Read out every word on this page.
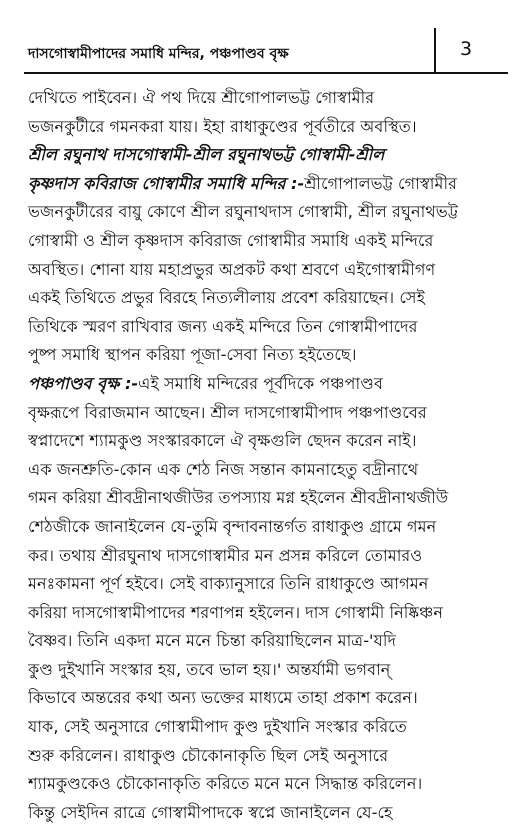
দাসগোস্বামীপাদের সমাধি মন্দির, পঞ্চপাণ্ডব বৃক্ষ	3
দেখিতে পাইবেন। ঐ পথ দিয়ে শ্রীগোপালভট্ট গোস্বামীর
ভজনকুটীরে গমনকরা যায়। ইহা রাধাকুণ্ডের পূর্বতীরে অবস্থিত।
শ্রীল রঘুনাথ দাসগোস্বামী-শ্রীল রঘুনাথভট্ট গোস্বামী-শ্রীল
কৃষ্ণদাস কবিরাজ গোস্বামীর সমাধি মন্দির :-শ্রীগোপালভট্ট গোস্বামীর
ভজনকুটীরের বায়ু কোণে শ্রীল রঘুনাথদাস গোস্বামী, শ্রীল রঘুনাথভট্ট
গোস্বামী ও শ্রীল কৃষ্ণদাস কবিরাজ গোস্বামীর সমাধি একই মন্দিরে
অবস্থিত। শোনা যায় মহাপ্রভুর অপ্রকট কথা শ্রবণে এইগোস্বামীগণ
একই তিথিতে প্রভুর বিরহে নিত্যলীলায় প্রবেশ করিয়াছেন। সেই
তিথিকে স্মরণ রাখিবার জন্য একই মন্দিরে তিন গোস্বামীপাদের
পুষ্প সমাধি স্থাপন করিয়া পূজা-সেবা নিত্য হইতেছে।
পঞ্চপাণ্ডব বৃক্ষ :-এই সমাধি মন্দিরের পূর্বদিকে পঞ্চপাণ্ডব
বৃক্ষরূপে বিরাজমান আছেন। শ্রীল দাসগোস্বামীপাদ পঞ্চপাণ্ডবের
স্বপ্নাদেশে শ্যামকুণ্ড সংস্কারকালে ঐ বৃক্ষগুলি ছেদন করেন নাই।
এক জনশ্রুতি-কোন এক শেঠ নিজ সন্তান কামনাহেতু বদ্রীনাথে
গমন করিয়া শ্রীবদ্রীনাথজীউর তপস্যায় মগ্ন হইলেন শ্রীবদ্রীনাথজীউ
শেঠজীকে জানাইলেন যে-তুমি বৃন্দাবনান্তর্গত রাধাকুণ্ড গ্রামে গমন
কর। তথায় শ্রীরঘুনাথ দাসগোস্বামীর মন প্রসন্ন করিলে তোমারও
মনঃকামনা পূর্ণ হইবে। সেই বাক্যানুসারে তিনি রাধাকুণ্ডে আগমন
করিয়া দাসগোস্বামীপাদের শরণাপন্ন হইলেন। দাস গোস্বামী নিষ্কিঞ্চন
বৈষ্ণব। তিনি একদা মনে মনে চিন্তা করিয়াছিলেন মাত্র-'যদি
কুণ্ড দুইখানি সংস্কার হয়, তবে ভাল হয়।' অন্তর্যামী ভগবান্
কিভাবে অন্তরের কথা অন্য ভক্তের মাধ্যমে তাহা প্রকাশ করেন।
যাক, সেই অনুসারে গোস্বামীপাদ কুণ্ড দুইখানি সংস্কার করিতে
শুরু করিলেন। রাধাকুণ্ড চৌকোনাকৃতি ছিল সেই অনুসারে
শ্যামকুণ্ডকেও চৌকোনাকৃতি করিতে মনে মনে সিদ্ধান্ত করিলেন।
কিন্তু সেইদিন রাত্রে গোস্বামীপাদকে স্বপ্নে জানাইলেন যে-হে
